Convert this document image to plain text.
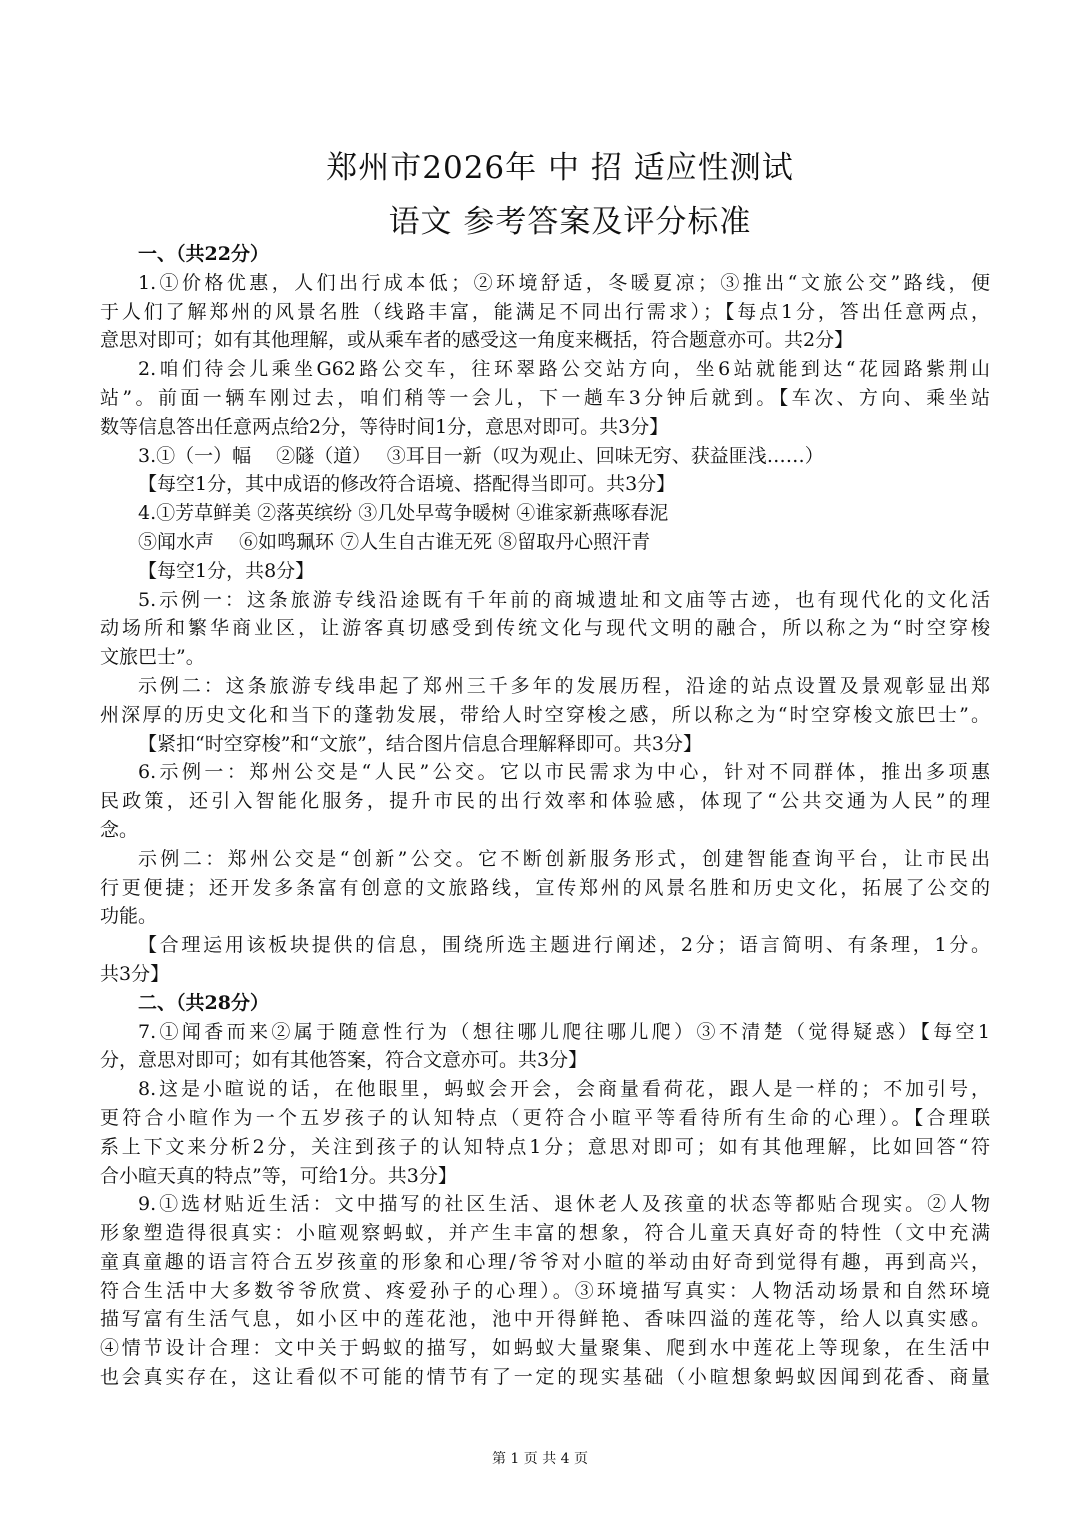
郑州市2026年 中 招 适应性测试
语文 参考答案及评分标准

一、（共22分）

1.①价格优惠，人们出行成本低；②环境舒适，冬暖夏凉；③推出“文旅公交”路线，便

于人们了解郑州的风景名胜（线路丰富，能满足不同出行需求）；【每点1分，答出任意两点，

意思对即可；如有其他理解，或从乘车者的感受这一角度来概括，符合题意亦可。共2分】

2.咱们待会儿乘坐G62路公交车，往环翠路公交站方向，坐6站就能到达“花园路紫荆山

站”。前面一辆车刚过去，咱们稍等一会儿，下一趟车3分钟后就到。【车次、方向、乘坐站

数等信息答出任意两点给2分，等待时间1分，意思对即可。共3分】

3.①（一）幅　 ②隧（道）　 ③耳目一新（叹为观止、回味无穷、获益匪浅……）

【每空1分，其中成语的修改符合语境、搭配得当即可。共3分】

4.①芳草鲜美 ②落英缤纷 ③几处早莺争暖树 ④谁家新燕啄春泥

⑤闻水声　 ⑥如鸣珮环 ⑦人生自古谁无死 ⑧留取丹心照汗青

【每空1分，共8分】

5.示例一：这条旅游专线沿途既有千年前的商城遗址和文庙等古迹，也有现代化的文化活

动场所和繁华商业区，让游客真切感受到传统文化与现代文明的融合，所以称之为“时空穿梭

文旅巴士”。

示例二：这条旅游专线串起了郑州三千多年的发展历程，沿途的站点设置及景观彰显出郑

州深厚的历史文化和当下的蓬勃发展，带给人时空穿梭之感，所以称之为“时空穿梭文旅巴士”。

【紧扣“时空穿梭”和“文旅”，结合图片信息合理解释即可。共3分】

6.示例一：郑州公交是“人民”公交。它以市民需求为中心，针对不同群体，推出多项惠

民政策，还引入智能化服务，提升市民的出行效率和体验感，体现了“公共交通为人民”的理

念。

示例二：郑州公交是“创新”公交。它不断创新服务形式，创建智能查询平台，让市民出

行更便捷；还开发多条富有创意的文旅路线，宣传郑州的风景名胜和历史文化，拓展了公交的

功能。

【合理运用该板块提供的信息，围绕所选主题进行阐述，2分；语言简明、有条理，1分。

共3分】

二、（共28分）

7.①闻香而来②属于随意性行为（想往哪儿爬往哪儿爬）③不清楚（觉得疑惑）【每空1

分，意思对即可；如有其他答案，符合文意亦可。共3分】

8.这是小暄说的话，在他眼里，蚂蚁会开会，会商量看荷花，跟人是一样的；不加引号，

更符合小暄作为一个五岁孩子的认知特点（更符合小暄平等看待所有生命的心理）。【合理联

系上下文来分析2分，关注到孩子的认知特点1分；意思对即可；如有其他理解，比如回答“符

合小暄天真的特点”等，可给1分。共3分】

9.①选材贴近生活：文中描写的社区生活、退休老人及孩童的状态等都贴合现实。②人物

形象塑造得很真实：小暄观察蚂蚁，并产生丰富的想象，符合儿童天真好奇的特性（文中充满

童真童趣的语言符合五岁孩童的形象和心理/爷爷对小暄的举动由好奇到觉得有趣，再到高兴，

符合生活中大多数爷爷欣赏、疼爱孙子的心理）。③环境描写真实：人物活动场景和自然环境

描写富有生活气息，如小区中的莲花池，池中开得鲜艳、香味四溢的莲花等，给人以真实感。

④情节设计合理：文中关于蚂蚁的描写，如蚂蚁大量聚集、爬到水中莲花上等现象，在生活中

也会真实存在，这让看似不可能的情节有了一定的现实基础（小暄想象蚂蚁因闻到花香、商量

第 1 页 共 4 页
